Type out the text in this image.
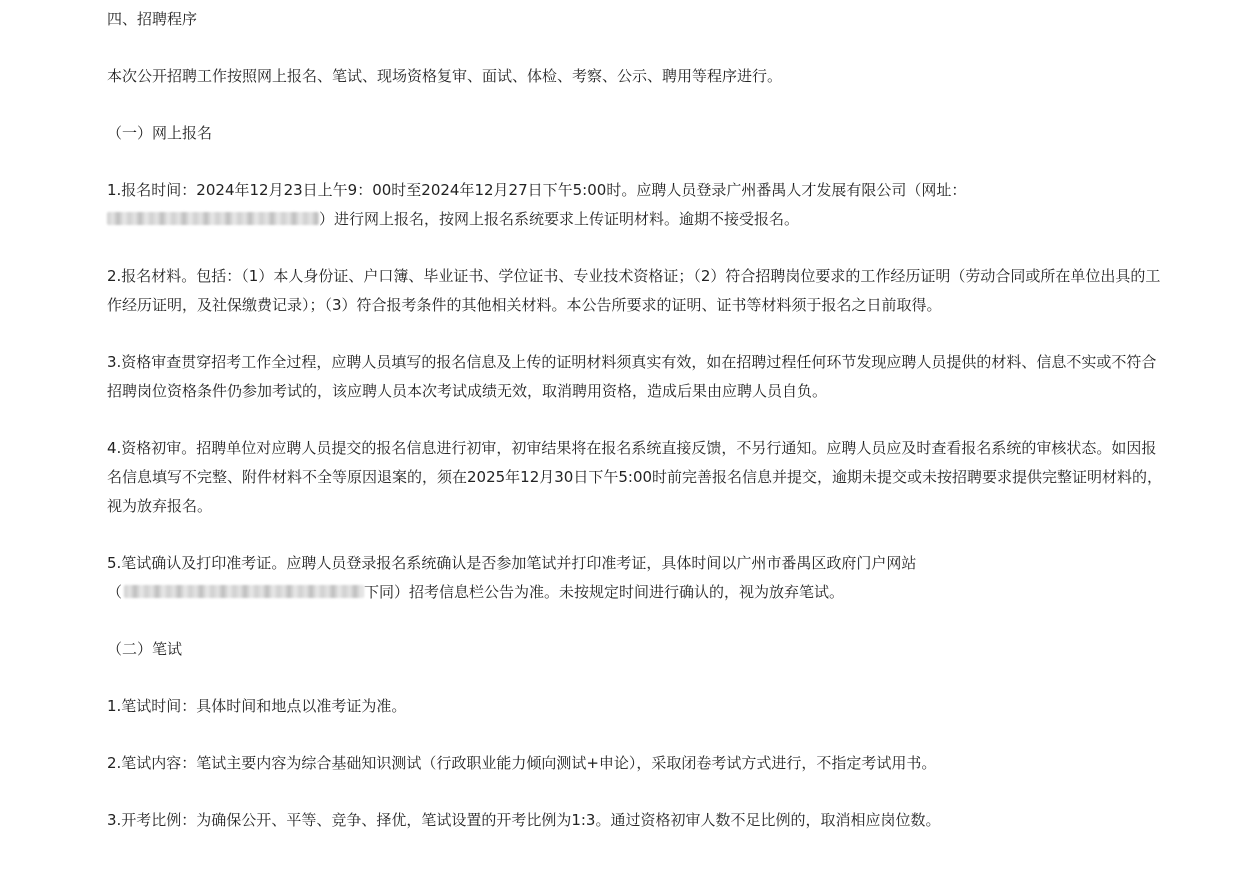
四、招聘程序

本次公开招聘工作按照网上报名、笔试、现场资格复审、面试、体检、考察、公示、聘用等程序进行。

（一）网上报名

1.报名时间：2024年12月23日上午9：00时至2024年12月27日下午5:00时。应聘人员登录广州番禺人才发展有限公司（网址：
）进行网上报名，按网上报名系统要求上传证明材料。逾期不接受报名。

2.报名材料。包括：（1）本人身份证、户口簿、毕业证书、学位证书、专业技术资格证；（2）符合招聘岗位要求的工作经历证明（劳动合同或所在单位出具的工作经历证明，及社保缴费记录）；（3）符合报考条件的其他相关材料。本公告所要求的证明、证书等材料须于报名之日前取得。

3.资格审查贯穿招考工作全过程，应聘人员填写的报名信息及上传的证明材料须真实有效，如在招聘过程任何环节发现应聘人员提供的材料、信息不实或不符合招聘岗位资格条件仍参加考试的，该应聘人员本次考试成绩无效，取消聘用资格，造成后果由应聘人员自负。

4.资格初审。招聘单位对应聘人员提交的报名信息进行初审，初审结果将在报名系统直接反馈，不另行通知。应聘人员应及时查看报名系统的审核状态。如因报名信息填写不完整、附件材料不全等原因退案的，须在2025年12月30日下午5:00时前完善报名信息并提交，逾期未提交或未按招聘要求提供完整证明材料的，视为放弃报名。

5.笔试确认及打印准考证。应聘人员登录报名系统确认是否参加笔试并打印准考证，具体时间以广州市番禺区政府门户网站
（	下同）招考信息栏公告为准。未按规定时间进行确认的，视为放弃笔试。

（二）笔试

1.笔试时间：具体时间和地点以准考证为准。

2.笔试内容：笔试主要内容为综合基础知识测试（行政职业能力倾向测试+申论），采取闭卷考试方式进行，不指定考试用书。

3.开考比例：为确保公开、平等、竞争、择优，笔试设置的开考比例为1:3。通过资格初审人数不足比例的，取消相应岗位数。
